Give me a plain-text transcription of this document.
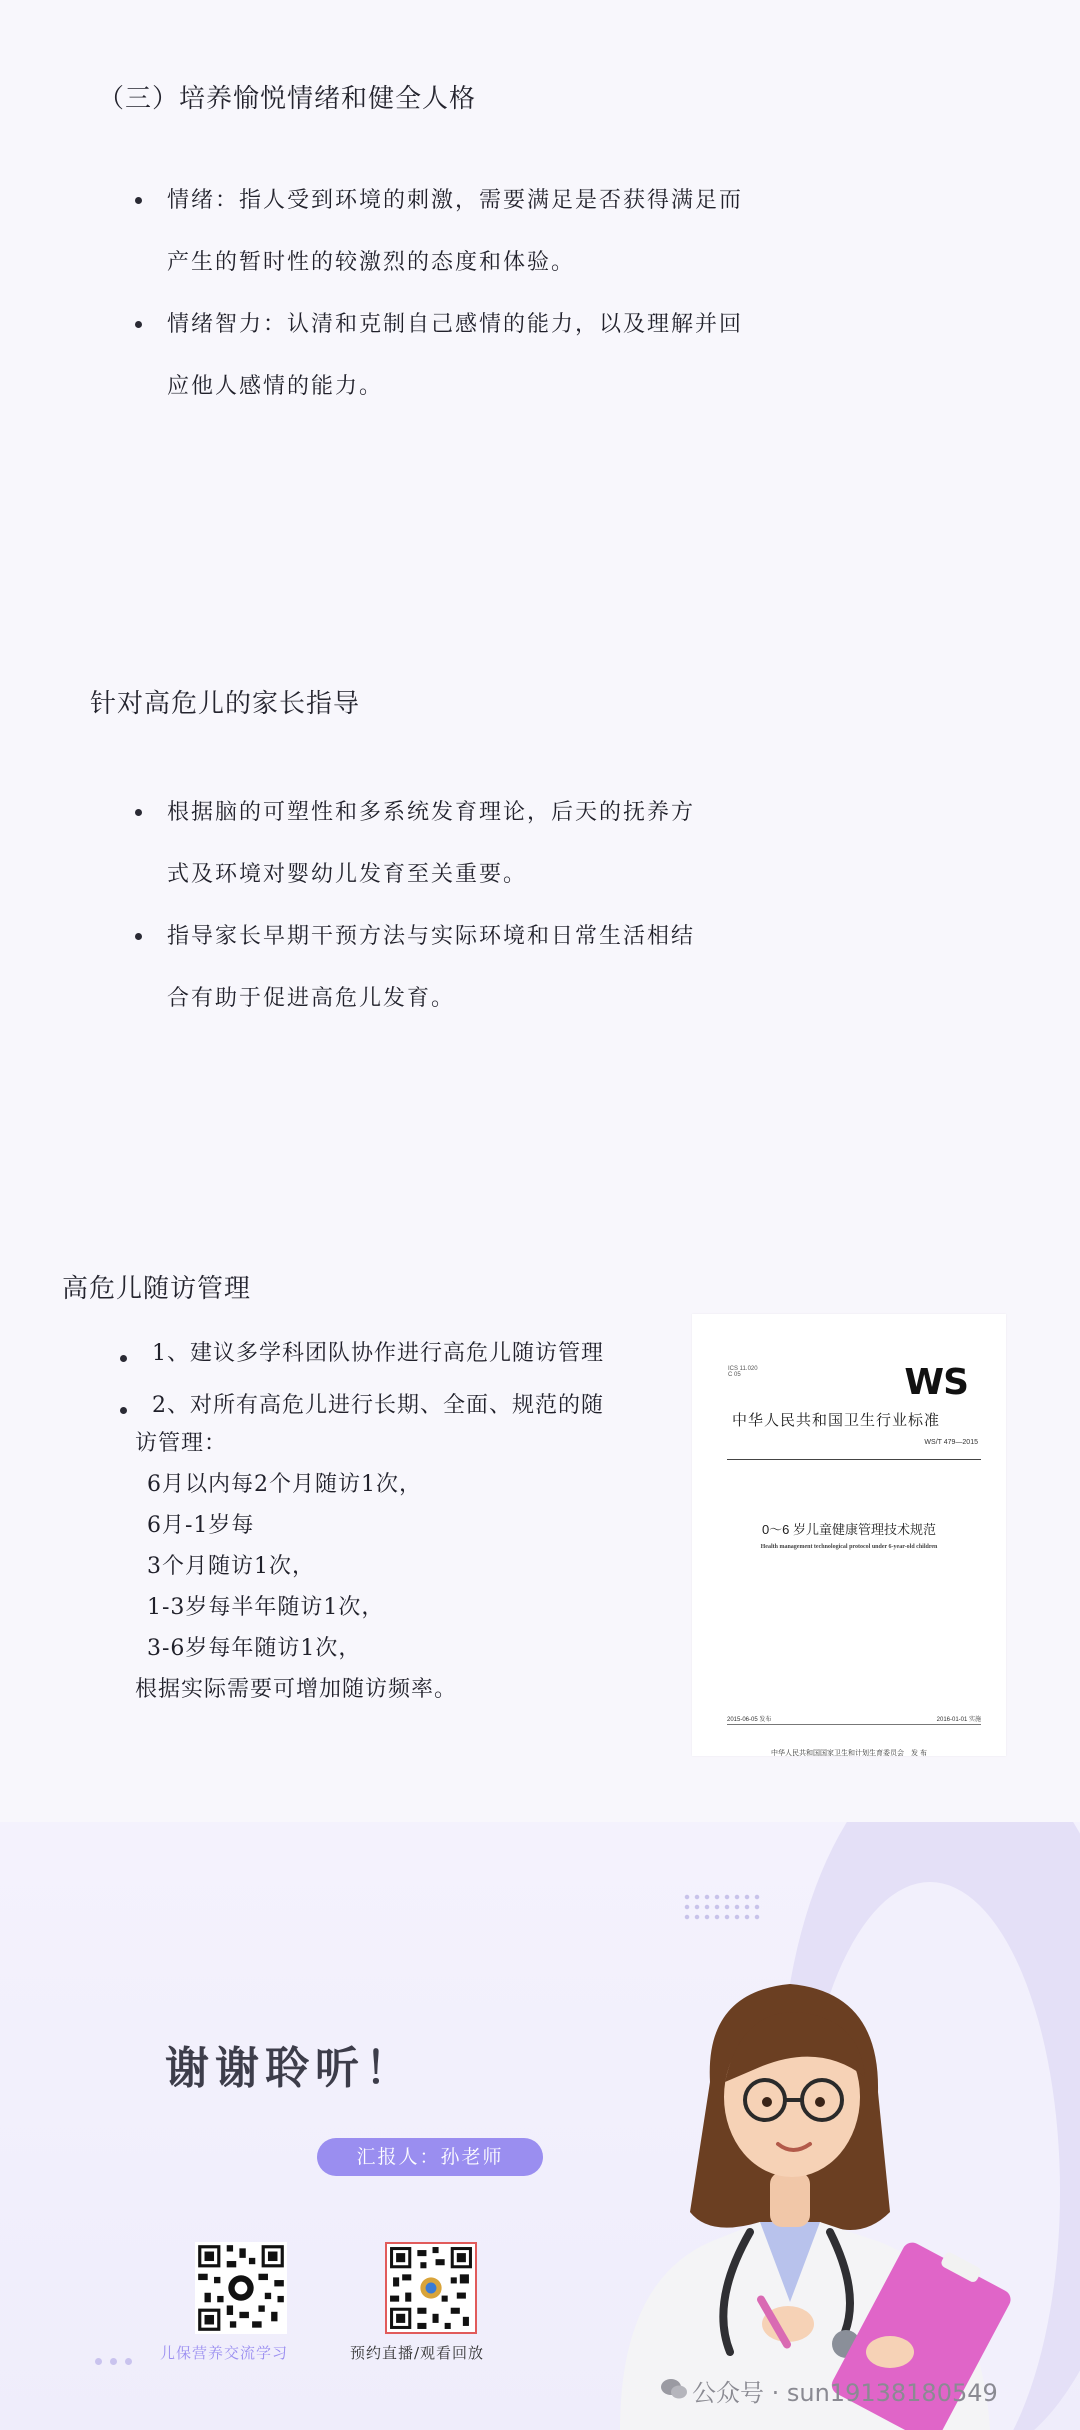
（三）培养愉悦情绪和健全人格
情绪：指人受到环境的刺激，需要满足是否获得满足而
产生的暂时性的较激烈的态度和体验。
情绪智力：认清和克制自己感情的能力，以及理解并回
应他人感情的能力。
针对高危儿的家长指导
根据脑的可塑性和多系统发育理论，后天的抚养方
式及环境对婴幼儿发育至关重要。
指导家长早期干预方法与实际环境和日常生活相结
合有助于促进高危儿发育。
高危儿随访管理
1、建议多学科团队协作进行高危儿随访管理
2、对所有高危儿进行长期、全面、规范的随
访管理：
6月以内每2个月随访1次，
6月-1岁每
3个月随访1次，
1-3岁每半年随访1次，
3-6岁每年随访1次，
根据实际需要可增加随访频率。
ICS 11.020
C 05	WS
中华人民共和国卫生行业标准
WS/T 479—2015
0～6 岁儿童健康管理技术规范
Health management technological protocol under 6-year-old children
2015-06-05 发布	2016-01-01 实施
中华人民共和国国家卫生和计划生育委员会　发 布
谢谢聆听！
汇报人：孙老师
儿保营养交流学习	预约直播/观看回放
公众号 · sun19138180549
